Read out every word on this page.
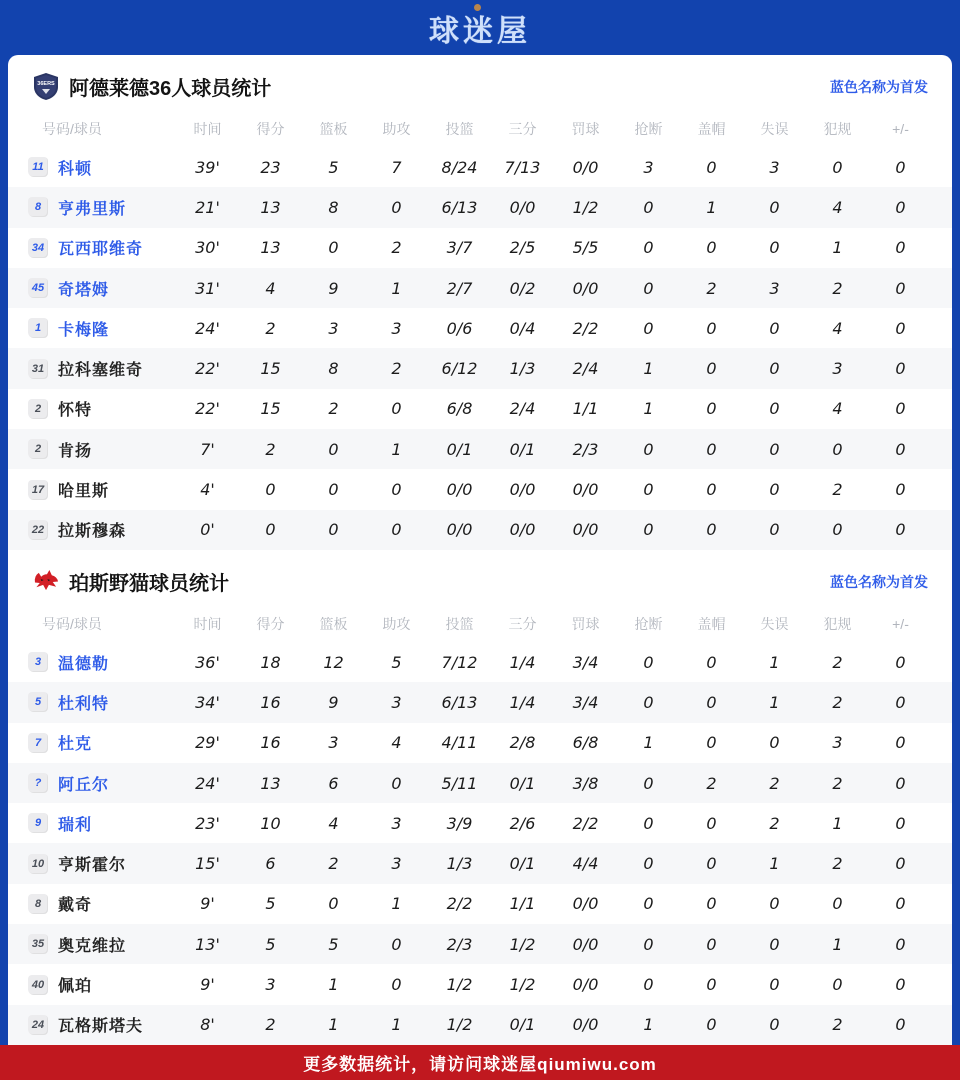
球迷屋
36ERS 阿德莱德36人球员统计	蓝色名称为首发
号码/球员	时间	得分	篮板	助攻	投篮	三分	罚球	抢断	盖帽	失误	犯规	+/-
11 科顿	39'	23	5	7	8/24	7/13	0/0	3	0	3	0	0
8	亨弗里斯	21'	13	8	0	6/13	0/0	1/2	0	1	0	4	0
34 瓦西耶维奇	30'	13	0	2	3/7	2/5	5/5	0	0	0	1	0
45 奇塔姆	31'	4	9	1	2/7	0/2	0/0	0	2	3	2	0
1	卡梅隆	24'	2	3	3	0/6	0/4	2/2	0	0	0	4	0
31 拉科塞维奇	22'	15	8	2	6/12	1/3	2/4	1	0	0	3	0
2	怀特	22'	15	2	0	6/8	2/4	1/1	1	0	0	4	0
2	肯扬	7'	2	0	1	0/1	0/1	2/3	0	0	0	0	0
17 哈里斯	4'	0	0	0	0/0	0/0	0/0	0	0	0	2	0
22 拉斯穆森	0'	0	0	0	0/0	0/0	0/0	0	0	0	0	0
珀斯野猫球员统计	蓝色名称为首发
号码/球员	时间	得分	篮板	助攻	投篮	三分	罚球	抢断	盖帽	失误	犯规	+/-
3	温德勒	36'	18	12	5	7/12	1/4	3/4	0	0	1	2	0
5	杜利特	34'	16	9	3	6/13	1/4	3/4	0	0	1	2	0
7	杜克	29'	16	3	4	4/11	2/8	6/8	1	0	0	3	0
?	阿丘尔	24'	13	6	0	5/11	0/1	3/8	0	2	2	2	0
9	瑞利	23'	10	4	3	3/9	2/6	2/2	0	0	2	1	0
10 亨斯霍尔	15'	6	2	3	1/3	0/1	4/4	0	0	1	2	0
8	戴奇	9'	5	0	1	2/2	1/1	0/0	0	0	0	0	0
35 奥克维拉	13'	5	5	0	2/3	1/2	0/0	0	0	0	1	0
40 佩珀	9'	3	1	0	1/2	1/2	0/0	0	0	0	0	0
24 瓦格斯塔夫	8'	2	1	1	1/2	0/1	0/0	1	0	0	2	0
更多数据统计，请访问球迷屋qiumiwu.com
